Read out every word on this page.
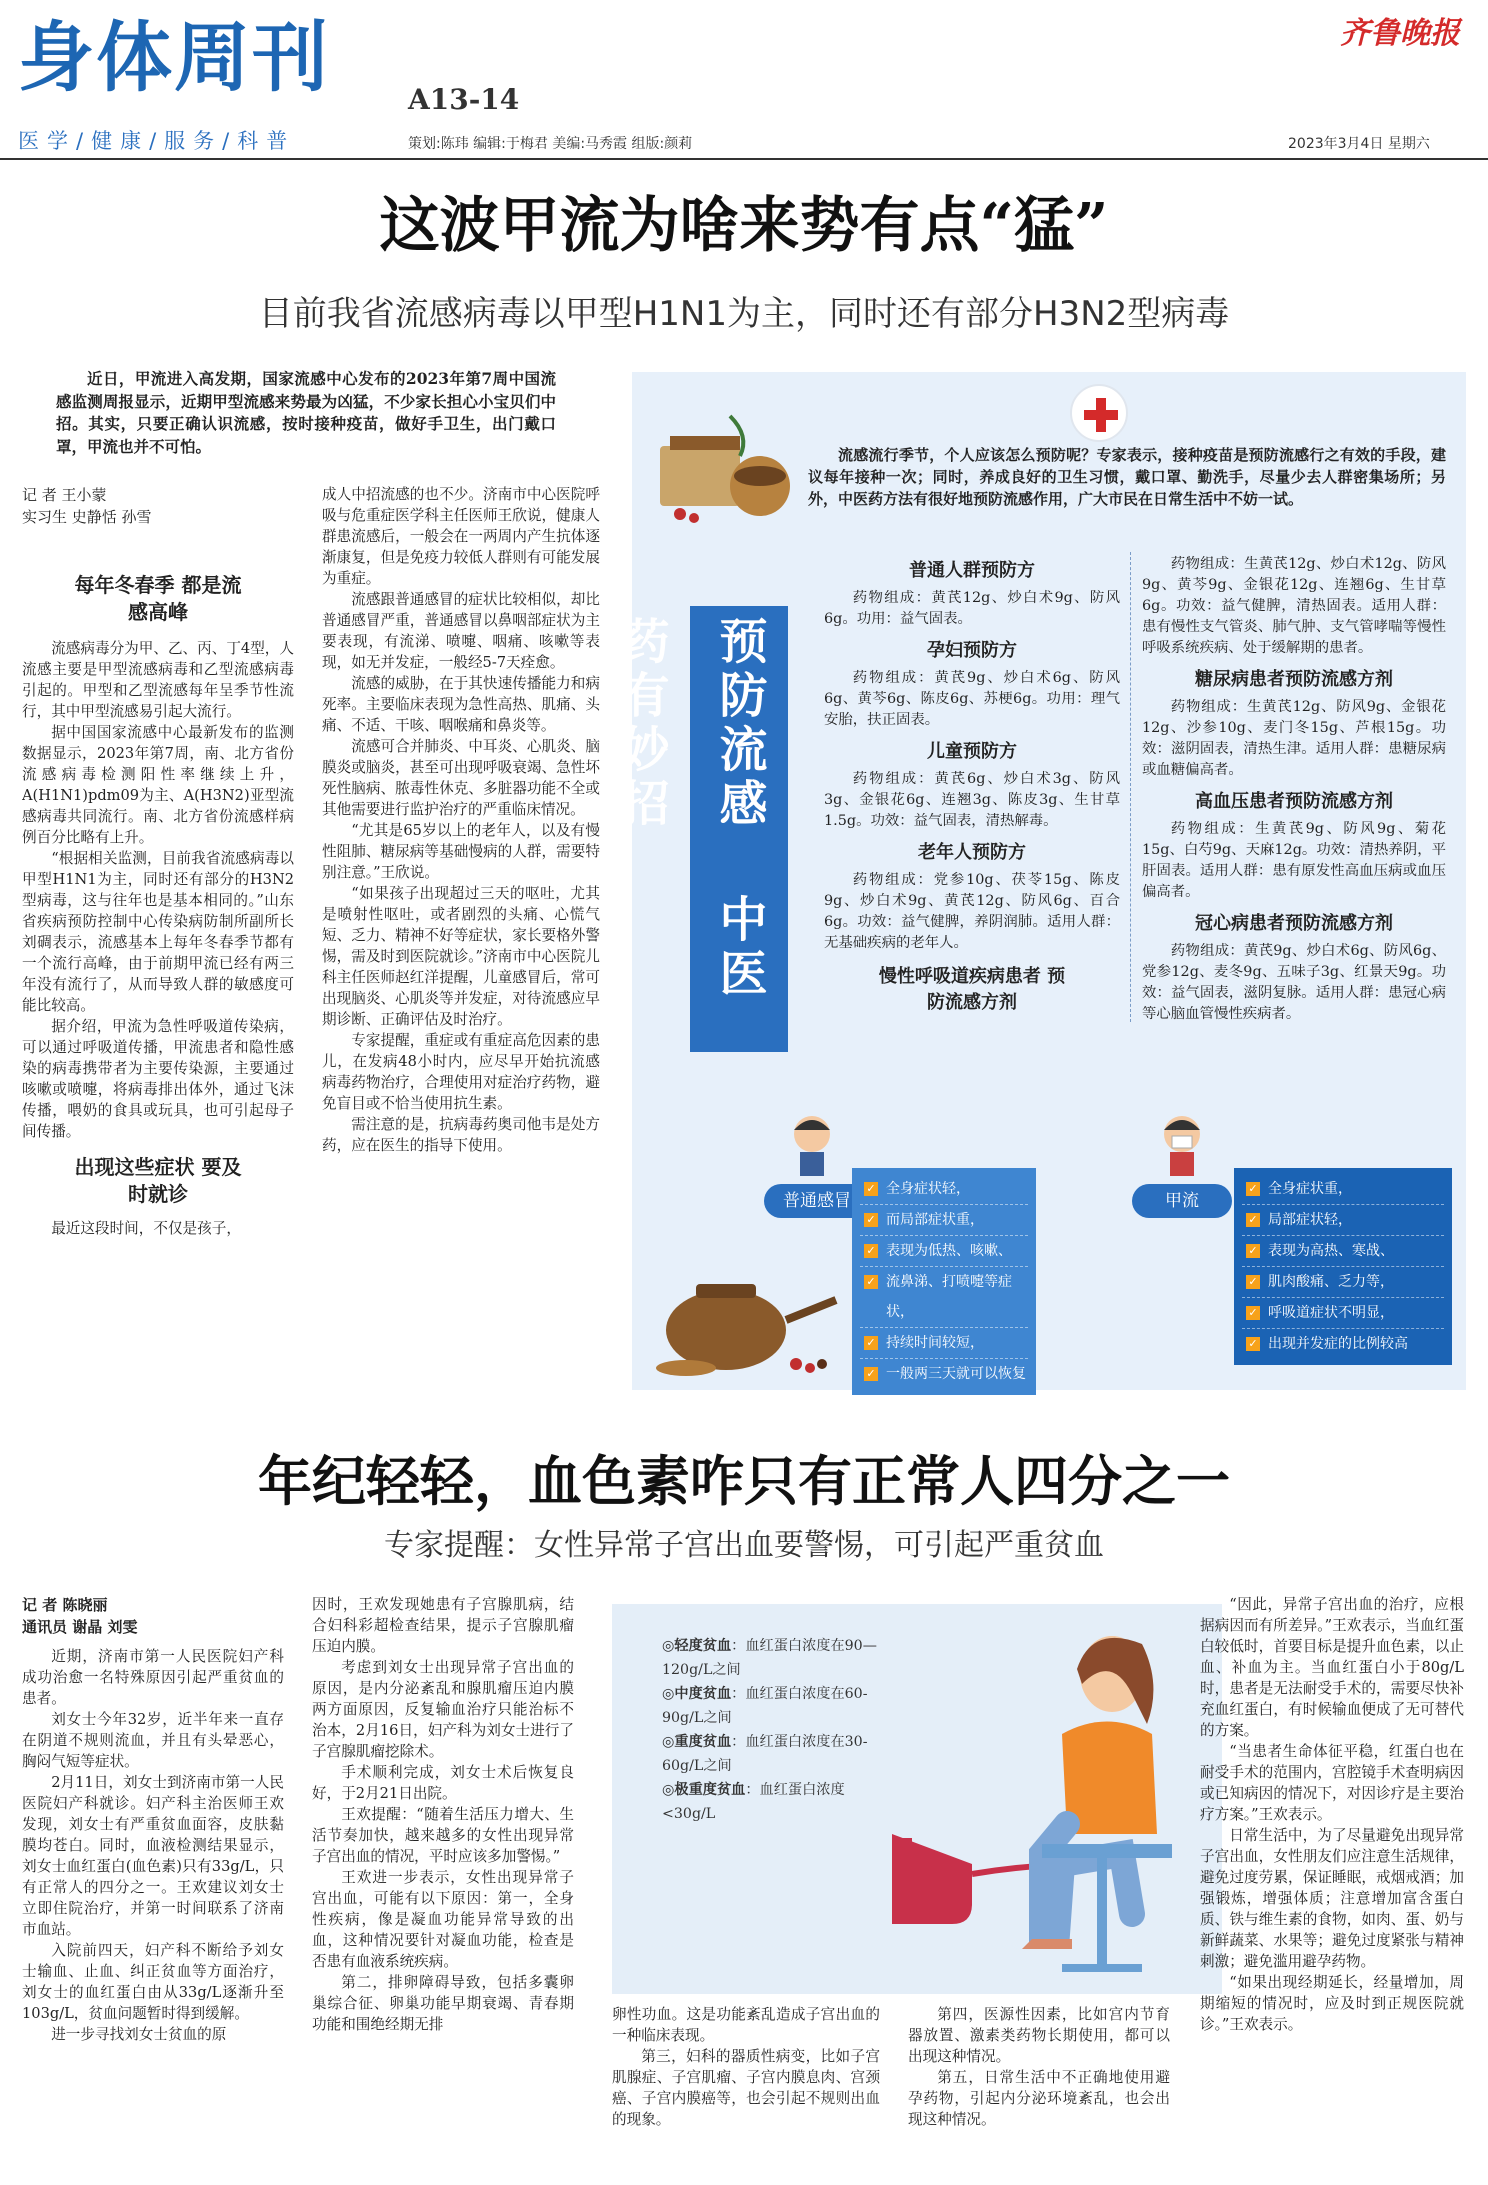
身体周刊	A13-14
医学/健康/服务/科普	策划:陈玮 编辑:于梅君 美编:马秀霞 组版:颜莉
齐鲁晚报
2023年3月4日 星期六
这波甲流为啥来势有点“猛”
目前我省流感病毒以甲型H1N1为主，同时还有部分H3N2型病毒
近日，甲流进入高发期，国家流感中心发布的2023年第7周中国流感监测周报显示，近期甲型流感来势最为凶猛，不少家长担心小宝贝们中招。其实，只要正确认识流感，按时接种疫苗，做好手卫生，出门戴口罩，甲流也并不可怕。
记 者 王小蒙
实习生 史静恬 孙雪
每年冬春季 都是流感高峰

流感病毒分为甲、乙、丙、丁4型，人流感主要是甲型流感病毒和乙型流感病毒引起的。甲型和乙型流感每年呈季节性流行，其中甲型流感易引起大流行。

据中国国家流感中心最新发布的监测数据显示，2023年第7周，南、北方省份流感病毒检测阳性率继续上升，A(H1N1)pdm09为主、A(H3N2)亚型流感病毒共同流行。南、北方省份流感样病例百分比略有上升。

“根据相关监测，目前我省流感病毒以甲型H1N1为主，同时还有部分的H3N2型病毒，这与往年也是基本相同的。”山东省疾病预防控制中心传染病防制所副所长刘碉表示，流感基本上每年冬春季节都有一个流行高峰，由于前期甲流已经有两三年没有流行了，从而导致人群的敏感度可能比较高。

据介绍，甲流为急性呼吸道传染病，可以通过呼吸道传播，甲流患者和隐性感染的病毒携带者为主要传染源，主要通过咳嗽或喷嚏，将病毒排出体外，通过飞沫传播，喂奶的食具或玩具，也可引起母子间传播。

出现这些症状 要及时就诊

最近这段时间，不仅是孩子，

成人中招流感的也不少。济南市中心医院呼吸与危重症医学科主任医师王欣说，健康人群患流感后，一般会在一两周内产生抗体逐渐康复，但是免疫力较低人群则有可能发展为重症。

流感跟普通感冒的症状比较相似，却比普通感冒严重，普通感冒以鼻咽部症状为主要表现，有流涕、喷嚏、咽痛、咳嗽等表现，如无并发症，一般经5-7天痊愈。

流感的威胁，在于其快速传播能力和病死率。主要临床表现为急性高热、肌痛、头痛、不适、干咳、咽喉痛和鼻炎等。

流感可合并肺炎、中耳炎、心肌炎、脑膜炎或脑炎，甚至可出现呼吸衰竭、急性坏死性脑病、脓毒性休克、多脏器功能不全或其他需要进行监护治疗的严重临床情况。

“尤其是65岁以上的老年人，以及有慢性阻肺、糖尿病等基础慢病的人群，需要特别注意。”王欣说。

“如果孩子出现超过三天的呕吐，尤其是喷射性呕吐，或者剧烈的头痛、心慌气短、乏力、精神不好等症状，家长要格外警惕，需及时到医院就诊。”济南市中心医院儿科主任医师赵红洋提醒，儿童感冒后，常可出现脑炎、心肌炎等并发症，对待流感应早期诊断、正确评估及时治疗。

专家提醒，重症或有重症高危因素的患儿，在发病48小时内，应尽早开始抗流感病毒药物治疗，合理使用对症治疗药物，避免盲目或不恰当使用抗生素。

需注意的是，抗病毒药奥司他韦是处方药，应在医生的指导下使用。

流感流行季节，个人应该怎么预防呢？专家表示，接种疫苗是预防流感行之有效的手段，建议每年接种一次；同时，养成良好的卫生习惯，戴口罩、勤洗手，尽量少去人群密集场所；另外，中医药方法有很好地预防流感作用，广大市民在日常生活中不妨一试。
预防流感 中医药有妙招
普通人群预防方

药物组成：黄芪12g、炒白术9g、防风6g。功用：益气固表。

孕妇预防方

药物组成：黄芪9g、炒白术6g、防风6g、黄芩6g、陈皮6g、苏梗6g。功用：理气安胎，扶正固表。

儿童预防方

药物组成：黄芪6g、炒白术3g、防风3g、金银花6g、连翘3g、陈皮3g、生甘草1.5g。功效：益气固表，清热解毒。

老年人预防方

药物组成：党参10g、茯苓15g、陈皮9g、炒白术9g、黄芪12g、防风6g、百合6g。功效：益气健脾，养阴润肺。适用人群：无基础疾病的老年人。

慢性呼吸道疾病患者 预防流感方剂

药物组成：生黄芪12g、炒白术12g、防风9g、黄芩9g、金银花12g、连翘6g、生甘草6g。功效：益气健脾，清热固表。适用人群：患有慢性支气管炎、肺气肿、支气管哮喘等慢性呼吸系统疾病、处于缓解期的患者。

糖尿病患者预防流感方剂

药物组成：生黄芪12g、防风9g、金银花12g、沙参10g、麦门冬15g、芦根15g。功效：滋阴固表，清热生津。适用人群：患糖尿病或血糖偏高者。

高血压患者预防流感方剂

药物组成：生黄芪9g、防风9g、菊花15g、白芍9g、天麻12g。功效：清热养阴，平肝固表。适用人群：患有原发性高血压病或血压偏高者。

冠心病患者预防流感方剂

药物组成：黄芪9g、炒白术6g、防风6g、党参12g、麦冬9g、五味子3g、红景天9g。功效：益气固表，滋阴复脉。适用人群：患冠心病等心脑血管慢性疾病者。

普通感冒
✓ 全身症状轻，
✓ 而局部症状重，
✓ 表现为低热、咳嗽、
✓ 流鼻涕、打喷嚏等症状，
✓ 持续时间较短，
✓ 一般两三天就可以恢复
甲流
✓ 全身症状重，
✓ 局部症状轻，
✓ 表现为高热、寒战、
✓ 肌肉酸痛、乏力等，
✓ 呼吸道症状不明显，
✓ 出现并发症的比例较高
年纪轻轻，血色素咋只有正常人四分之一
专家提醒：女性异常子宫出血要警惕，可引起严重贫血
记 者 陈晓丽
通讯员 谢晶 刘雯

近期，济南市第一人民医院妇产科成功治愈一名特殊原因引起严重贫血的患者。

刘女士今年32岁，近半年来一直存在阴道不规则流血，并且有头晕恶心，胸闷气短等症状。

2月11日，刘女士到济南市第一人民医院妇产科就诊。妇产科主治医师王欢发现，刘女士有严重贫血面容，皮肤黏膜均苍白。同时，血液检测结果显示，刘女士血红蛋白(血色素)只有33g/L，只有正常人的四分之一。王欢建议刘女士立即住院治疗，并第一时间联系了济南市血站。

入院前四天，妇产科不断给予刘女士输血、止血、纠正贫血等方面治疗，刘女士的血红蛋白由从33g/L逐渐升至103g/L，贫血问题暂时得到缓解。

进一步寻找刘女士贫血的原

因时，王欢发现她患有子宫腺肌病，结合妇科彩超检查结果，提示子宫腺肌瘤压迫内膜。

考虑到刘女士出现异常子宫出血的原因，是内分泌紊乱和腺肌瘤压迫内膜两方面原因，反复输血治疗只能治标不治本，2月16日，妇产科为刘女士进行了子宫腺肌瘤挖除术。

手术顺利完成，刘女士术后恢复良好，于2月21日出院。

王欢提醒：“随着生活压力增大、生活节奏加快，越来越多的女性出现异常子宫出血的情况，平时应该多加警惕。”

王欢进一步表示，女性出现异常子宫出血，可能有以下原因：第一，全身性疾病，像是凝血功能异常导致的出血，这种情况要针对凝血功能，检查是否患有血液系统疾病。

第二，排卵障碍导致，包括多囊卵巢综合征、卵巢功能早期衰竭、青春期功能和围绝经期无排

◎轻度贫血：血红蛋白浓度在90—120g/L之间
◎中度贫血：血红蛋白浓度在60-90g/L之间
◎重度贫血：血红蛋白浓度在30-60g/L之间
◎极重度贫血：血红蛋白浓度<30g/L

卵性功血。这是功能紊乱造成子宫出血的一种临床表现。

第三，妇科的器质性病变，比如子宫肌腺症、子宫肌瘤、子宫内膜息肉、宫颈癌、子宫内膜癌等，也会引起不规则出血的现象。

第四，医源性因素，比如宫内节育器放置、激素类药物长期使用，都可以出现这种情况。

第五，日常生活中不正确地使用避孕药物，引起内分泌环境紊乱，也会出现这种情况。

“因此，异常子宫出血的治疗，应根据病因而有所差异。”王欢表示，当血红蛋白较低时，首要目标是提升血色素，以止血、补血为主。当血红蛋白小于80g/L时，患者是无法耐受手术的，需要尽快补充血红蛋白，有时候输血便成了无可替代的方案。

“当患者生命体征平稳，红蛋白也在耐受手术的范围内，宫腔镜手术查明病因或已知病因的情况下，对因诊疗是主要治疗方案。”王欢表示。

日常生活中，为了尽量避免出现异常子宫出血，女性朋友们应注意生活规律，避免过度劳累，保证睡眠，戒烟戒酒；加强锻炼，增强体质；注意增加富含蛋白质、铁与维生素的食物，如肉、蛋、奶与新鲜蔬菜、水果等；避免过度紧张与精神刺激；避免滥用避孕药物。

“如果出现经期延长，经量增加，周期缩短的情况时，应及时到正规医院就诊。”王欢表示。
